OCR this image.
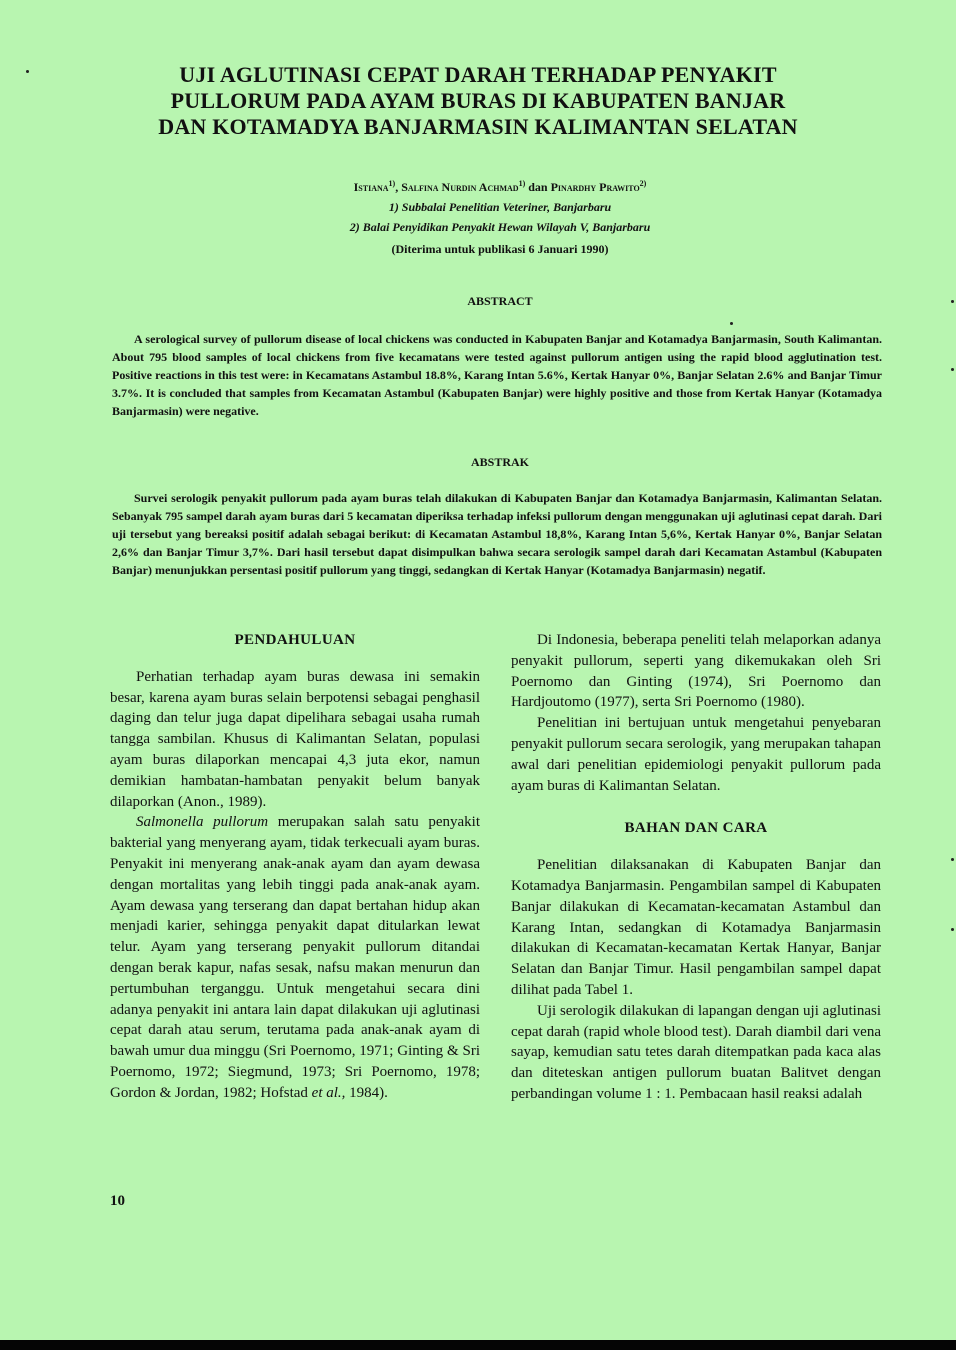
UJI AGLUTINASI CEPAT DARAH TERHADAP PENYAKIT
PULLORUM PADA AYAM BURAS DI KABUPATEN BANJAR
DAN KOTAMADYA BANJARMASIN KALIMANTAN SELATAN
Istiana$^{1)}$, Salfina Nurdin Achmad$^{1)}$ dan Pinardhy Prawito$^{2)}$
1) Subbalai Penelitian Veteriner, Banjarbaru
2) Balai Penyidikan Penyakit Hewan Wilayah V, Banjarbaru
(Diterima untuk publikasi 6 Januari 1990)
ABSTRACT

A serological survey of pullorum disease of local chickens was conducted in Kabupaten Banjar and Kotamadya Banjarmasin, South Kalimantan. About 795 blood samples of local chickens from five kecamatans were tested against pullorum antigen using the rapid blood agglutination test. Positive reactions in this test were: in Kecamatans Astambul 18.8%, Karang Intan 5.6%, Kertak Hanyar 0%, Banjar Selatan 2.6% and Banjar Timur 3.7%. It is concluded that samples from Kecamatan Astambul (Kabupaten Banjar) were highly positive and those from Kertak Hanyar (Kotamadya Banjarmasin) were negative.

ABSTRAK

Survei serologik penyakit pullorum pada ayam buras telah dilakukan di Kabupaten Banjar dan Kotamadya Banjarmasin, Kalimantan Selatan. Sebanyak 795 sampel darah ayam buras dari 5 kecamatan diperiksa terhadap infeksi pullorum dengan menggunakan uji aglutinasi cepat darah. Dari uji tersebut yang bereaksi positif adalah sebagai berikut: di Kecamatan Astambul 18,8%, Karang Intan 5,6%, Kertak Hanyar 0%, Banjar Selatan 2,6% dan Banjar Timur 3,7%. Dari hasil tersebut dapat disimpulkan bahwa secara serologik sampel darah dari Kecamatan Astambul (Kabupaten Banjar) menunjukkan persentasi positif pullorum yang tinggi, sedangkan di Kertak Hanyar (Kotamadya Banjarmasin) negatif.

PENDAHULUAN

Perhatian terhadap ayam buras dewasa ini semakin besar, karena ayam buras selain berpotensi sebagai penghasil daging dan telur juga dapat dipelihara sebagai usaha rumah tangga sambilan. Khusus di Kalimantan Selatan, populasi ayam buras dilaporkan mencapai 4,3 juta ekor, namun demikian hambatan-hambatan penyakit belum banyak dilaporkan (Anon., 1989).

Salmonella pullorum merupakan salah satu penyakit bakterial yang menyerang ayam, tidak terkecuali ayam buras. Penyakit ini menyerang anak-anak ayam dan ayam dewasa dengan mortalitas yang lebih tinggi pada anak-anak ayam. Ayam dewasa yang terserang dan dapat bertahan hidup akan menjadi karier, sehingga penyakit dapat ditularkan lewat telur. Ayam yang terserang penyakit pullorum ditandai dengan berak kapur, nafas sesak, nafsu makan menurun dan pertumbuhan terganggu. Untuk mengetahui secara dini adanya penyakit ini antara lain dapat dilakukan uji aglutinasi cepat darah atau serum, terutama pada anak-anak ayam di bawah umur dua minggu (Sri Poernomo, 1971; Ginting & Sri Poernomo, 1972; Siegmund, 1973; Sri Poernomo, 1978; Gordon & Jordan, 1982; Hofstad et al., 1984).

Di Indonesia, beberapa peneliti telah melaporkan adanya penyakit pullorum, seperti yang dikemukakan oleh Sri Poernomo dan Ginting (1974), Sri Poernomo dan Hardjoutomo (1977), serta Sri Poernomo (1980).

Penelitian ini bertujuan untuk mengetahui penyebaran penyakit pullorum secara serologik, yang merupakan tahapan awal dari penelitian epidemiologi penyakit pullorum pada ayam buras di Kalimantan Selatan.

BAHAN DAN CARA

Penelitian dilaksanakan di Kabupaten Banjar dan Kotamadya Banjarmasin. Pengambilan sampel di Kabupaten Banjar dilakukan di Kecamatan-kecamatan Astambul dan Karang Intan, sedangkan di Kotamadya Banjarmasin dilakukan di Kecamatan-kecamatan Kertak Hanyar, Banjar Selatan dan Banjar Timur. Hasil pengambilan sampel dapat dilihat pada Tabel 1.

Uji serologik dilakukan di lapangan dengan uji aglutinasi cepat darah (rapid whole blood test). Darah diambil dari vena sayap, kemudian satu tetes darah ditempatkan pada kaca alas dan diteteskan antigen pullorum buatan Balitvet dengan perbandingan volume 1 : 1. Pembacaan hasil reaksi adalah

10
